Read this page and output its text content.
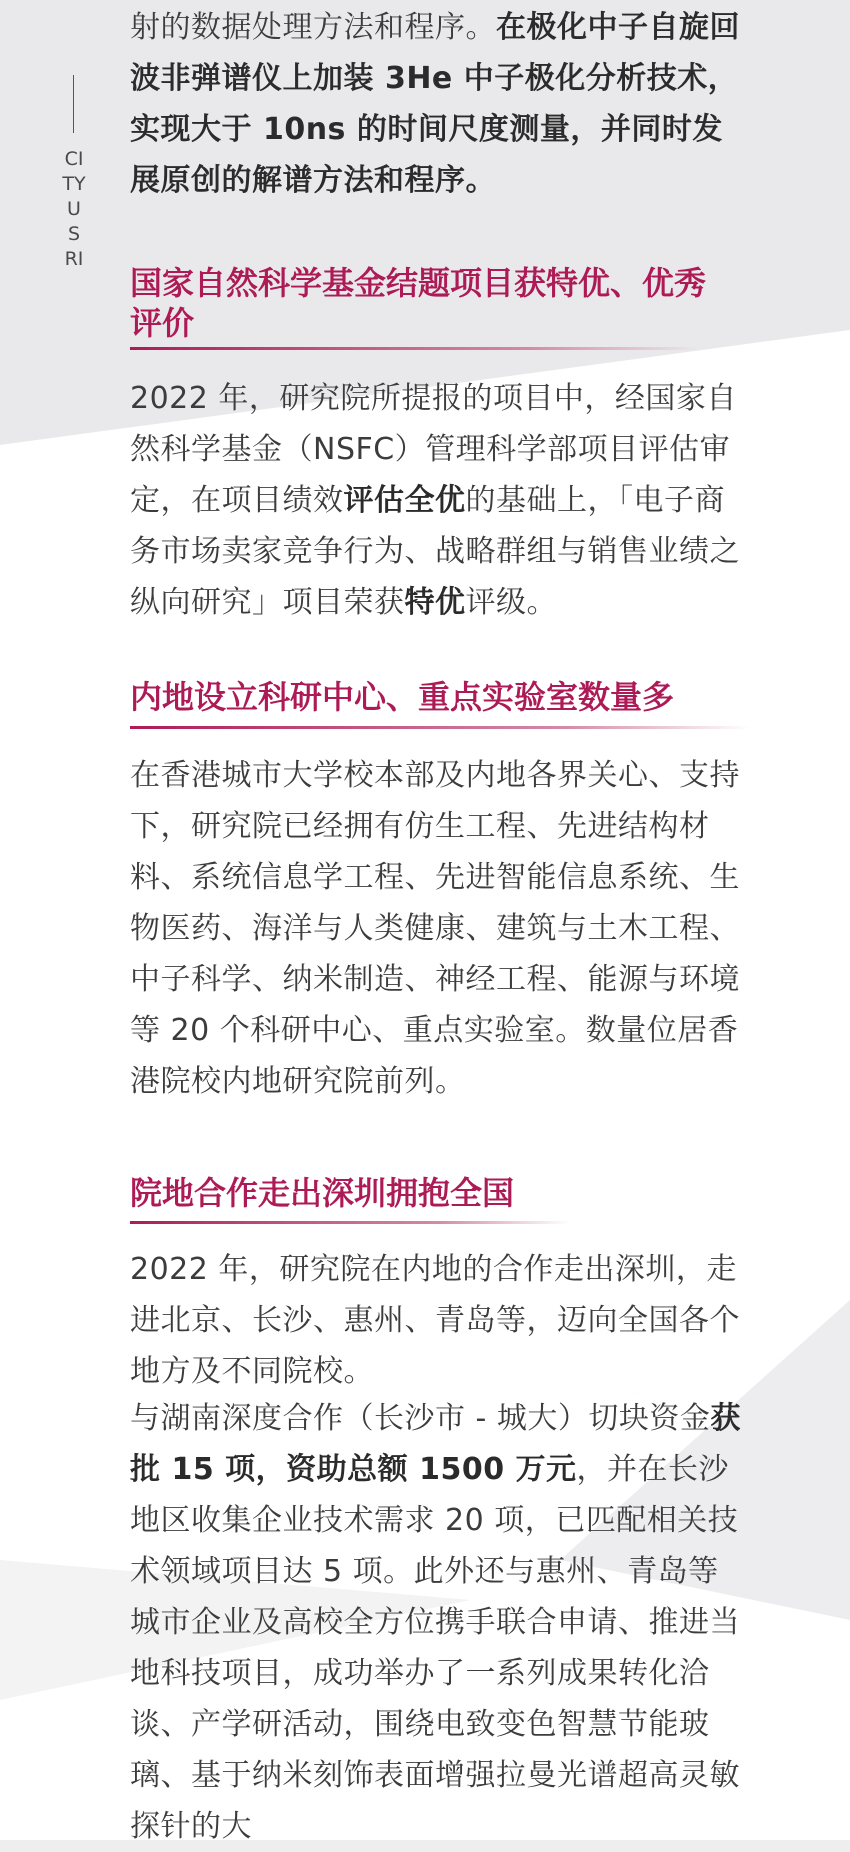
CITYU SRI

射的数据处理方法和程序。在极化中子自旋回波非弹谱仪上加装 3He 中子极化分析技术，实现大于 10ns 的时间尺度测量，并同时发展原创的解谱方法和程序。

国家自然科学基金结题项目获特优、优秀评价

2022 年，研究院所提报的项目中，经国家自然科学基金（NSFC）管理科学部项目评估审定，在项目绩效评估全优的基础上，「电子商务市场卖家竞争行为、战略群组与销售业绩之纵向研究」项目荣获特优评级。

内地设立科研中心、重点实验室数量多

在香港城市大学校本部及内地各界关心、支持下，研究院已经拥有仿生工程、先进结构材料、系统信息学工程、先进智能信息系统、生物医药、海洋与人类健康、建筑与土木工程、中子科学、纳米制造、神经工程、能源与环境等 20 个科研中心、重点实验室。数量位居香港院校内地研究院前列。

院地合作走出深圳拥抱全国

2022 年，研究院在内地的合作走出深圳，走进北京、长沙、惠州、青岛等，迈向全国各个地方及不同院校。

与湖南深度合作（长沙市 - 城大）切块资金获批 15 项，资助总额 1500 万元，并在长沙地区收集企业技术需求 20 项，已匹配相关技术领域项目达 5 项。此外还与惠州、青岛等城市企业及高校全方位携手联合申请、推进当地科技项目，成功举办了一系列成果转化洽谈、产学研活动，围绕电致变色智慧节能玻璃、基于纳米刻饰表面增强拉曼光谱超高灵敏探针的大
